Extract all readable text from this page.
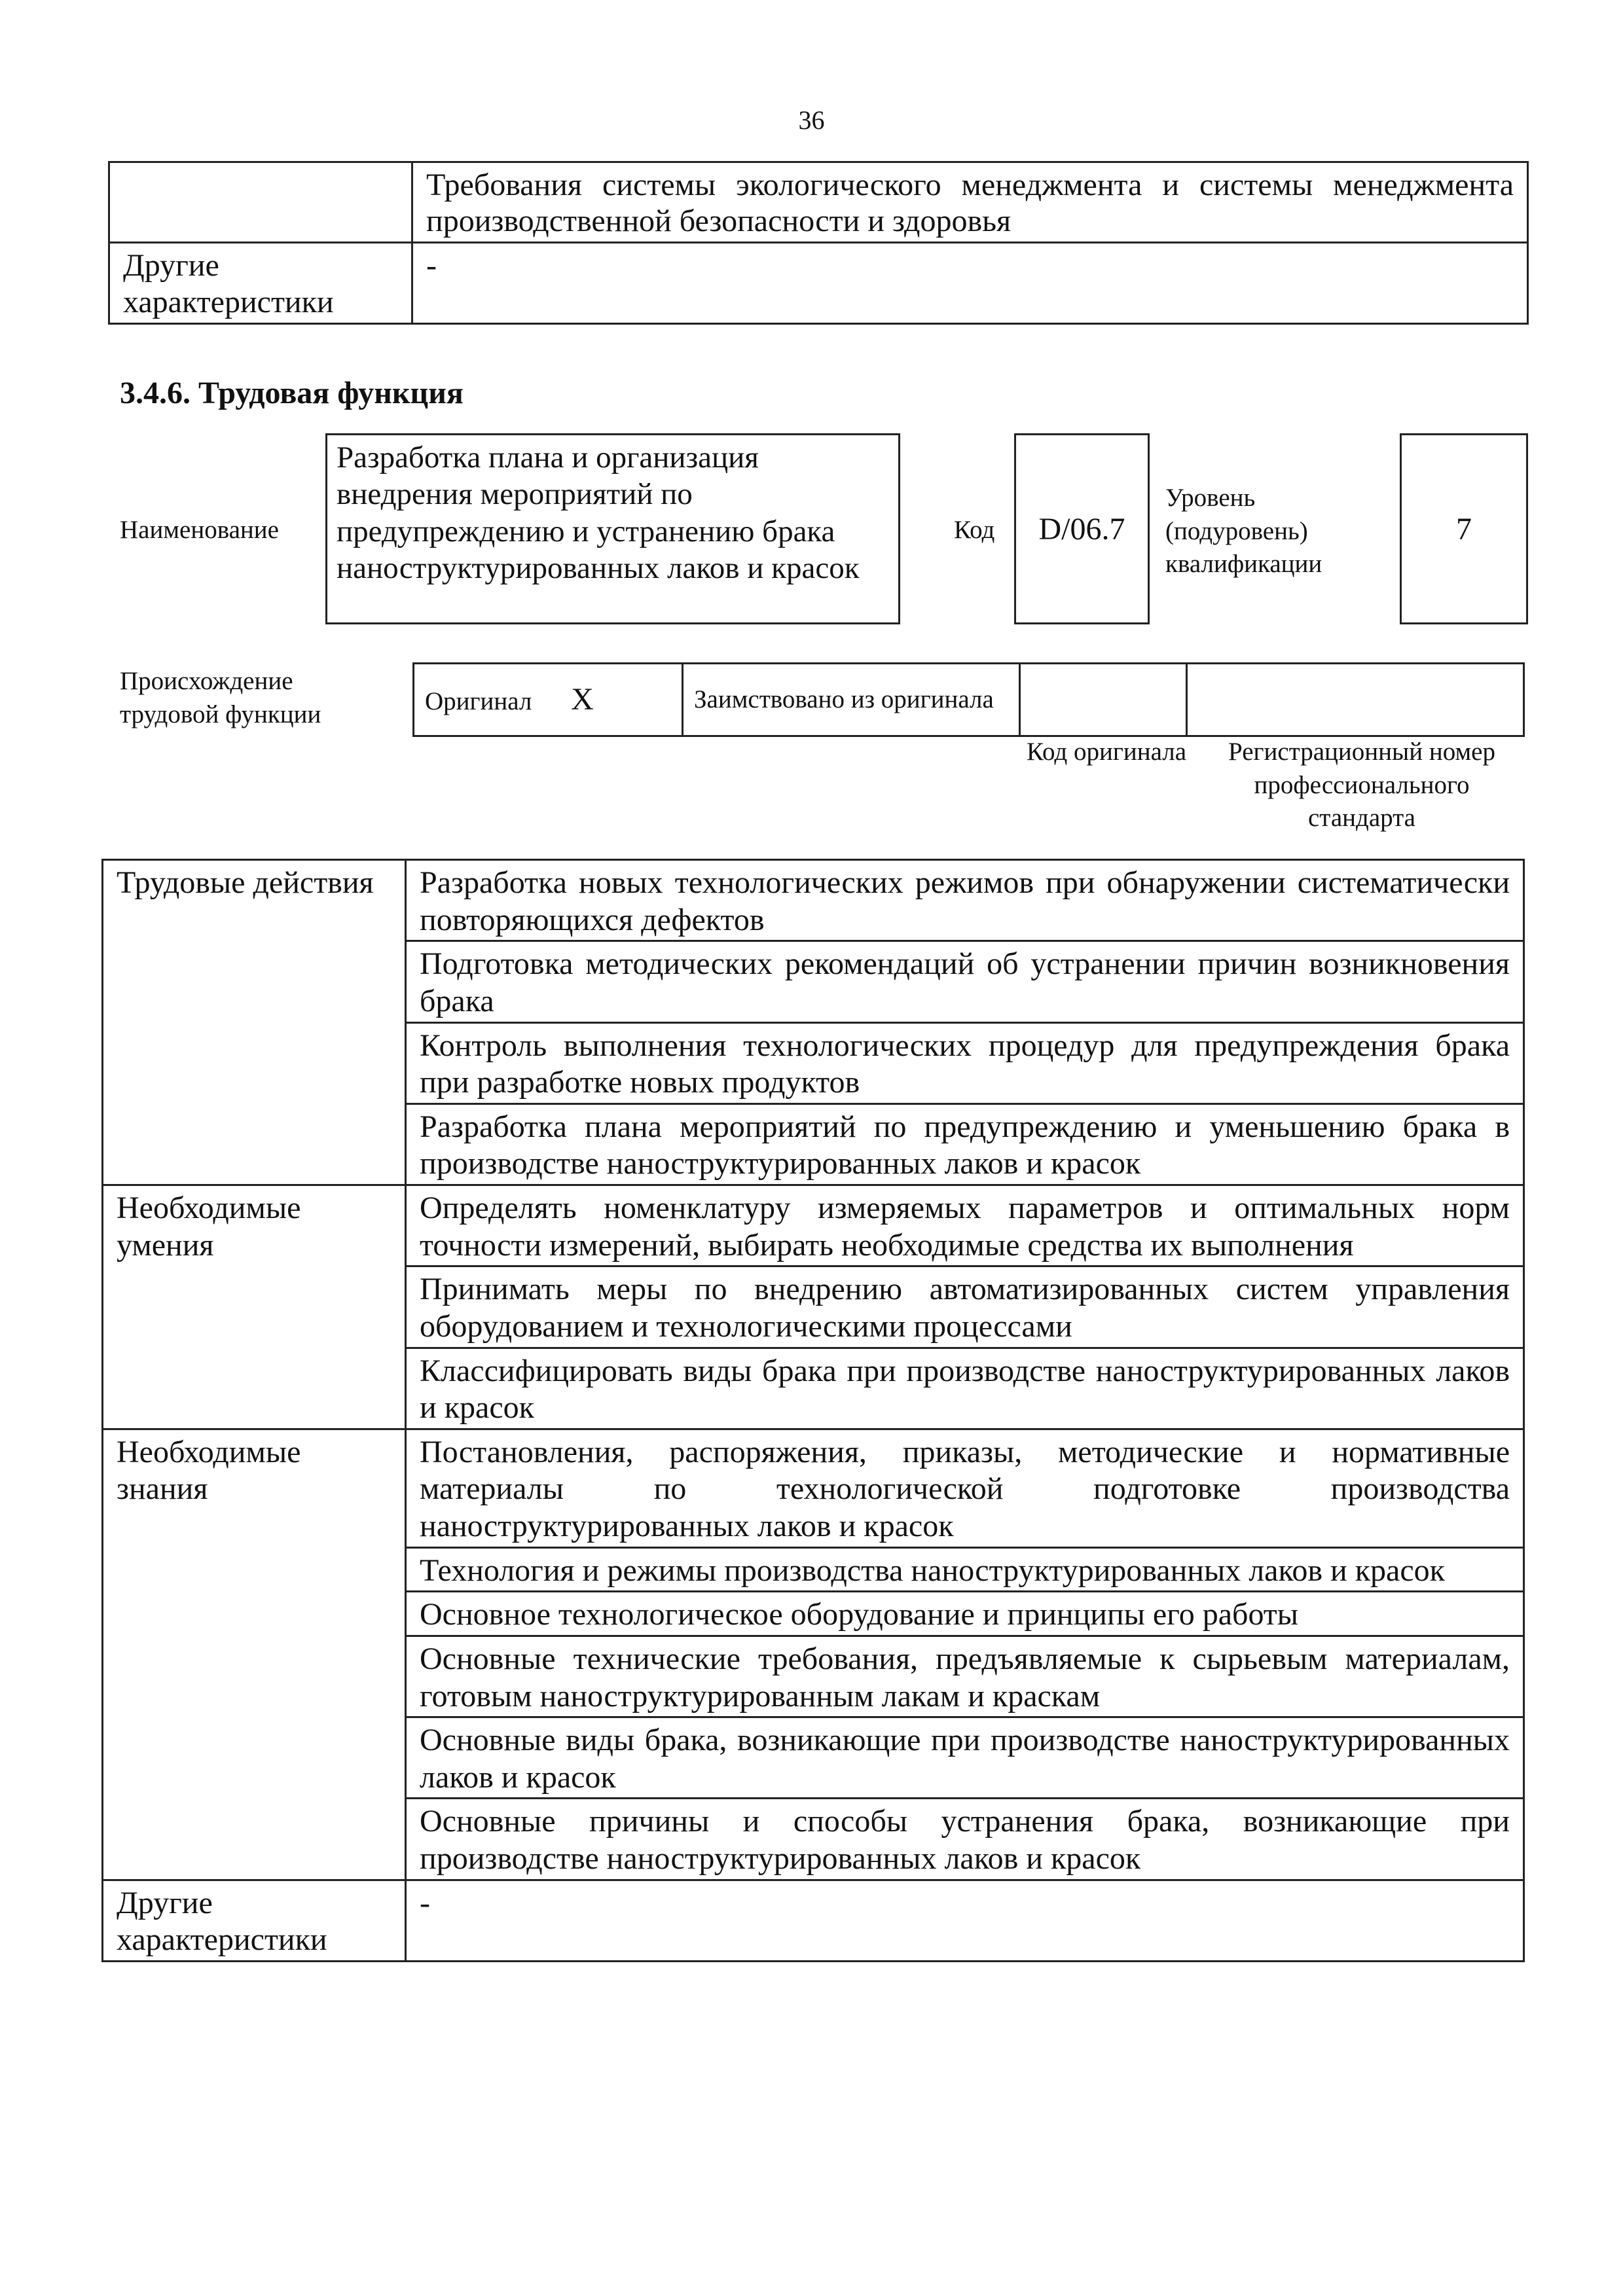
36
	Требования системы экологического менеджмента и системы менеджмента производственной безопасности и здоровья
Другие характеристики	-
3.4.6. Трудовая функция
Наименование
Разработка плана и организация внедрения мероприятий по предупреждению и устранению брака наноструктурированных лаков и красок
Код D/06.7
Уровень (подуровень) квалификации
7
Происхождение трудовой функции	Оригинал X	Заимствовано из оригинала		
Код оригинала	Регистрационный номер профессионального стандарта
Трудовые действия	Разработка новых технологических режимов при обнаружении систематически повторяющихся дефектов
	Подготовка методических рекомендаций об устранении причин возникновения брака
	Контроль выполнения технологических процедур для предупреждения брака при разработке новых продуктов
	Разработка плана мероприятий по предупреждению и уменьшению брака в производстве наноструктурированных лаков и красок
Необходимые умения	Определять номенклатуру измеряемых параметров и оптимальных норм точности измерений, выбирать необходимые средства их выполнения
	Принимать меры по внедрению автоматизированных систем управления оборудованием и технологическими процессами
	Классифицировать виды брака при производстве наноструктурированных лаков и красок
Необходимые знания	Постановления, распоряжения, приказы, методические и нормативные материалы по технологической подготовке производства наноструктурированных лаков и красок
	Технология и режимы производства наноструктурированных лаков и красок
	Основное технологическое оборудование и принципы его работы
	Основные технические требования, предъявляемые к сырьевым материалам, готовым наноструктурированным лакам и краскам
	Основные виды брака, возникающие при производстве наноструктурированных лаков и красок
	Основные причины и способы устранения брака, возникающие при производстве наноструктурированных лаков и красок
Другие характеристики	-
